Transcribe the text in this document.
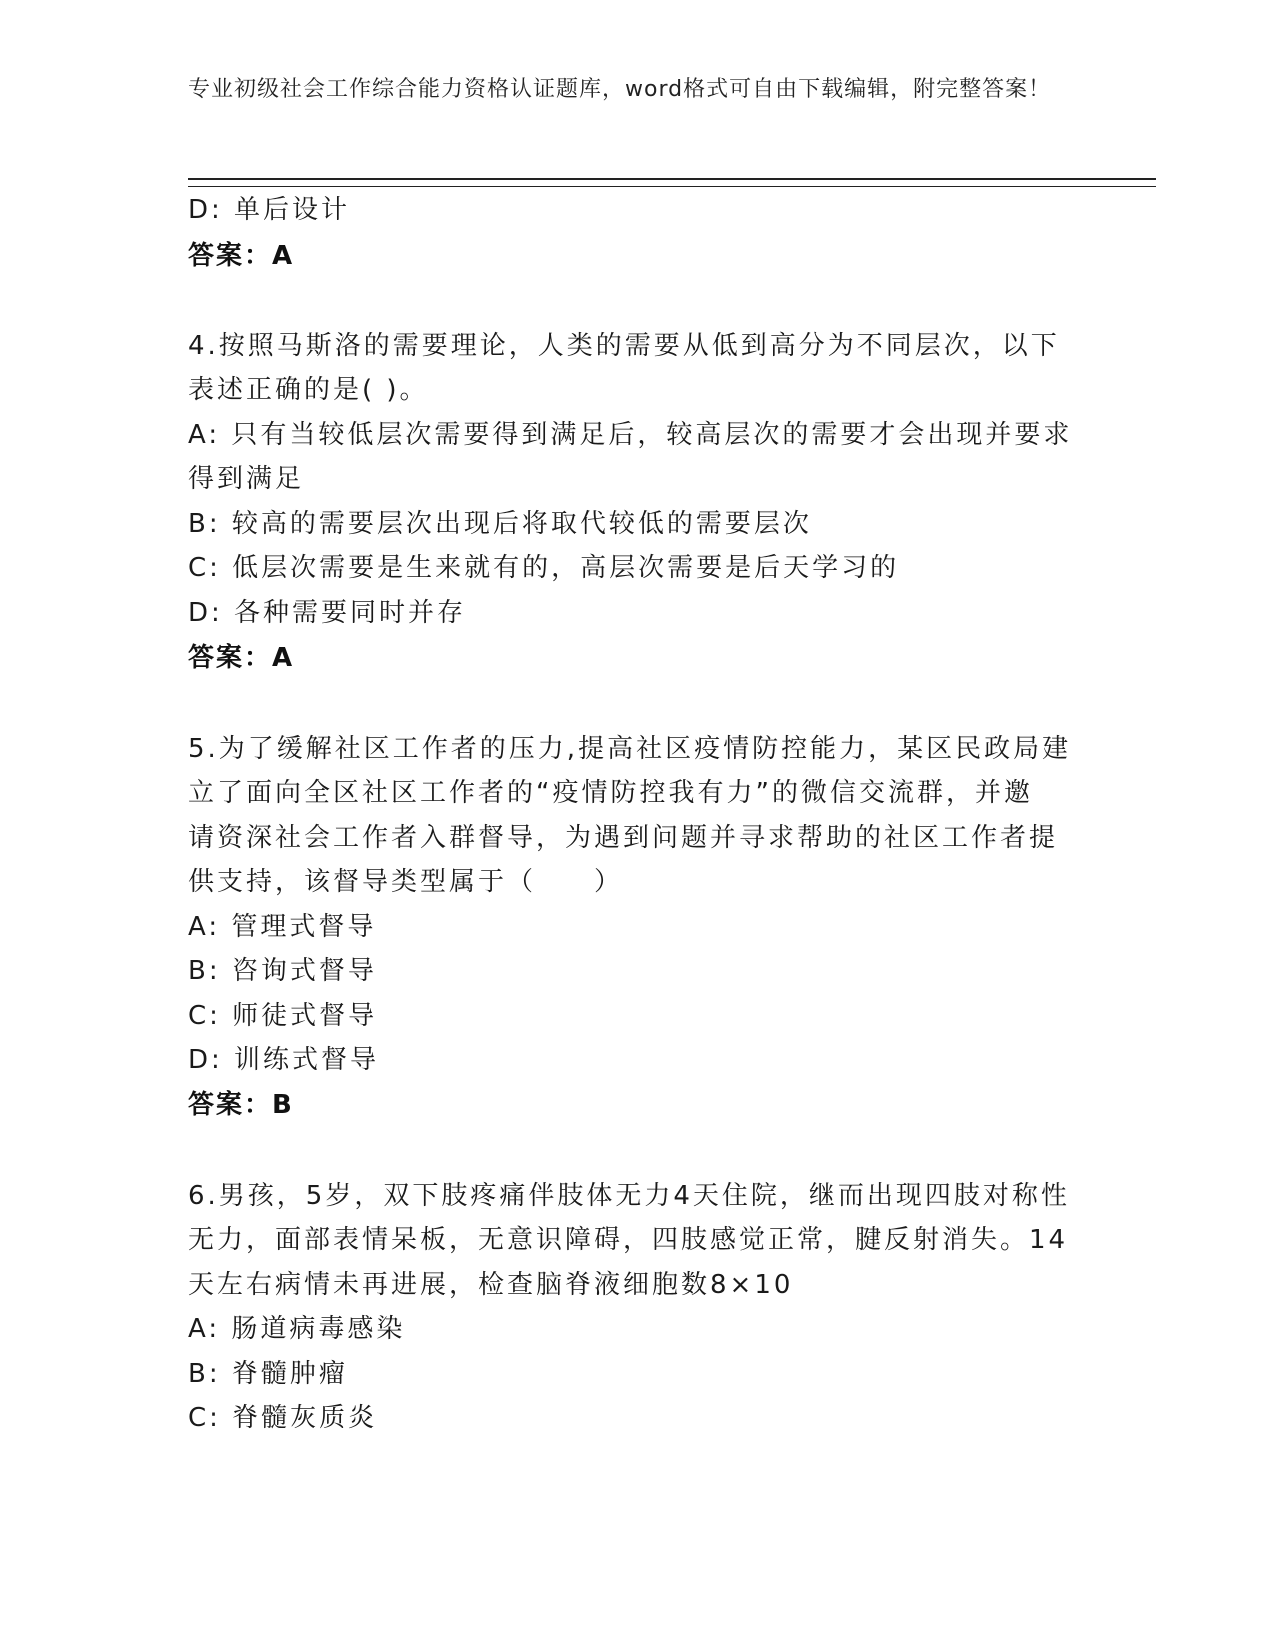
专业初级社会工作综合能力资格认证题库，word格式可自由下载编辑，附完整答案！
D: 单后设计
答案：A
4.按照马斯洛的需要理论，人类的需要从低到高分为不同层次，以下
表述正确的是( )。
A: 只有当较低层次需要得到满足后，较高层次的需要才会出现并要求
得到满足
B: 较高的需要层次出现后将取代较低的需要层次
C: 低层次需要是生来就有的，高层次需要是后天学习的
D: 各种需要同时并存
答案：A
5.为了缓解社区工作者的压力,提高社区疫情防控能力，某区民政局建
立了面向全区社区工作者的“疫情防控我有力”的微信交流群，并邀
请资深社会工作者入群督导，为遇到问题并寻求帮助的社区工作者提
供支持，该督导类型属于（　　）
A: 管理式督导
B: 咨询式督导
C: 师徒式督导
D: 训练式督导
答案：B
6.男孩，5岁，双下肢疼痛伴肢体无力4天住院，继而出现四肢对称性
无力，面部表情呆板，无意识障碍，四肢感觉正常，腱反射消失。14
天左右病情未再进展，检查脑脊液细胞数8×10
A: 肠道病毒感染
B: 脊髓肿瘤
C: 脊髓灰质炎
